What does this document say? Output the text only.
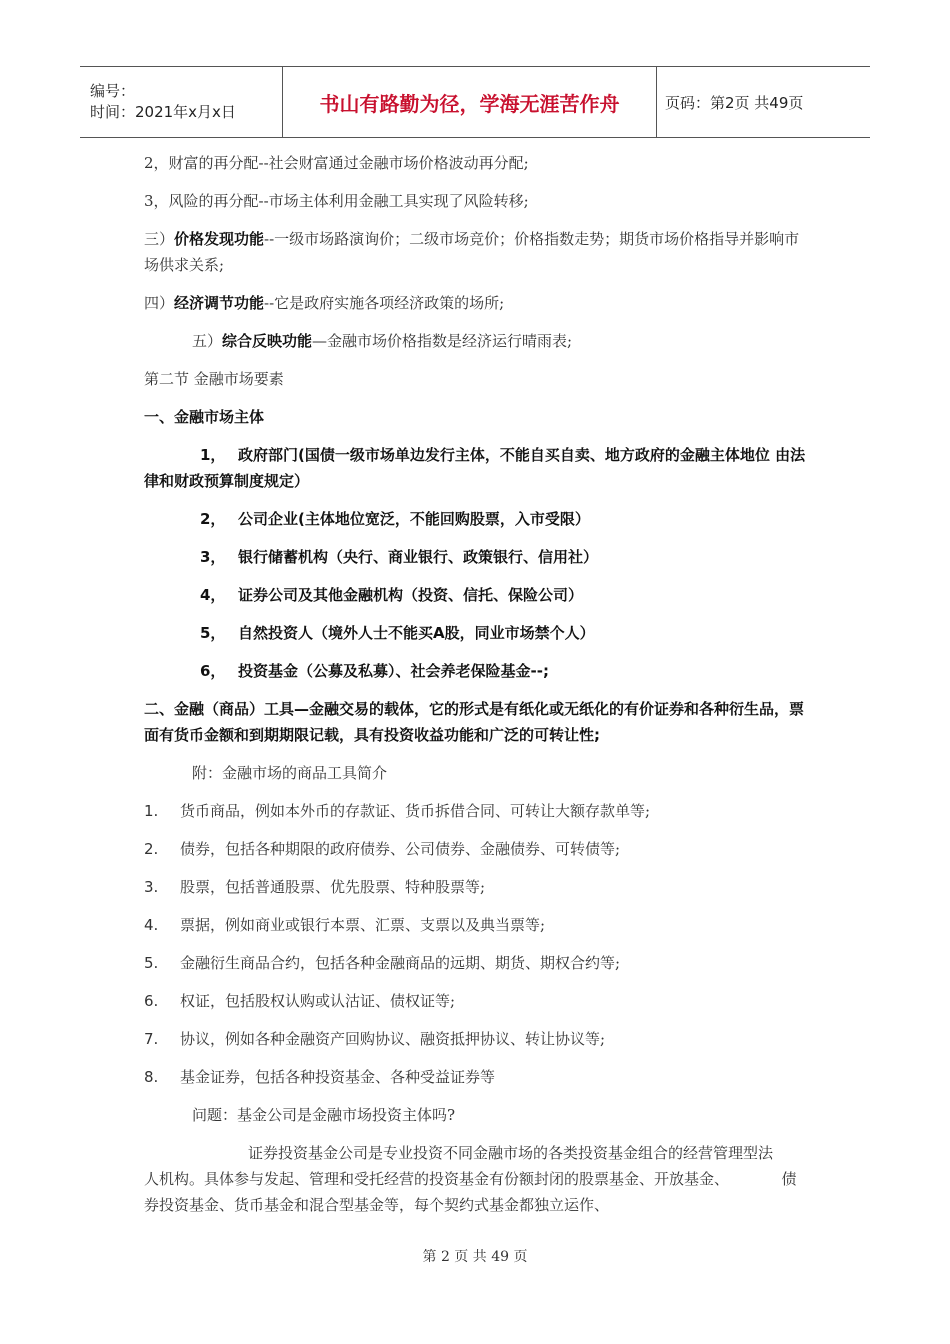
编号：
时间：2021年x月x日	书山有路勤为径，学海无涯苦作舟	页码：第2页 共49页

2，财富的再分配--社会财富通过金融市场价格波动再分配;

3，风险的再分配--市场主体利用金融工具实现了风险转移;

三）价格发现功能--一级市场路演询价；二级市场竞价；价格指数走势；期货市场价格指导并影响市场供求关系;

四）经济调节功能--它是政府实施各项经济政策的场所;

五）综合反映功能—金融市场价格指数是经济运行晴雨表;

第二节 金融市场要素

一、金融市场主体

1， 政府部门(国债一级市场单边发行主体，不能自买自卖、地方政府的金融主体地位 由法律和财政预算制度规定）

2， 公司企业(主体地位宽泛，不能回购股票，入市受限）

3， 银行储蓄机构（央行、商业银行、政策银行、信用社）

4， 证券公司及其他金融机构（投资、信托、保险公司）

5， 自然投资人（境外人士不能买A股，同业市场禁个人）

6， 投资基金（公募及私募）、社会养老保险基金--;

二、金融（商品）工具—金融交易的载体，它的形式是有纸化或无纸化的有价证券和各种衍生品，票面有货币金额和到期期限记载，具有投资收益功能和广泛的可转让性;

附：金融市场的商品工具简介

1. 货币商品，例如本外币的存款证、货币拆借合同、可转让大额存款单等;

2. 债券，包括各种期限的政府债券、公司债券、金融债券、可转债等;

3. 股票，包括普通股票、优先股票、特种股票等;

4. 票据，例如商业或银行本票、汇票、支票以及典当票等;

5. 金融衍生商品合约，包括各种金融商品的远期、期货、期权合约等;

6. 权证，包括股权认购或认沽证、债权证等;

7. 协议，例如各种金融资产回购协议、融资抵押协议、转让协议等;

8. 基金证券，包括各种投资基金、各种受益证券等

问题：基金公司是金融市场投资主体吗?

证券投资基金公司是专业投资不同金融市场的各类投资基金组合的经营管理型法　　人机构。具体参与发起、管理和受托经营的投资基金有份额封闭的股票基金、开放基金、　　　　债券投资基金、货币基金和混合型基金等，每个契约式基金都独立运作、

第 2 页 共 49 页
